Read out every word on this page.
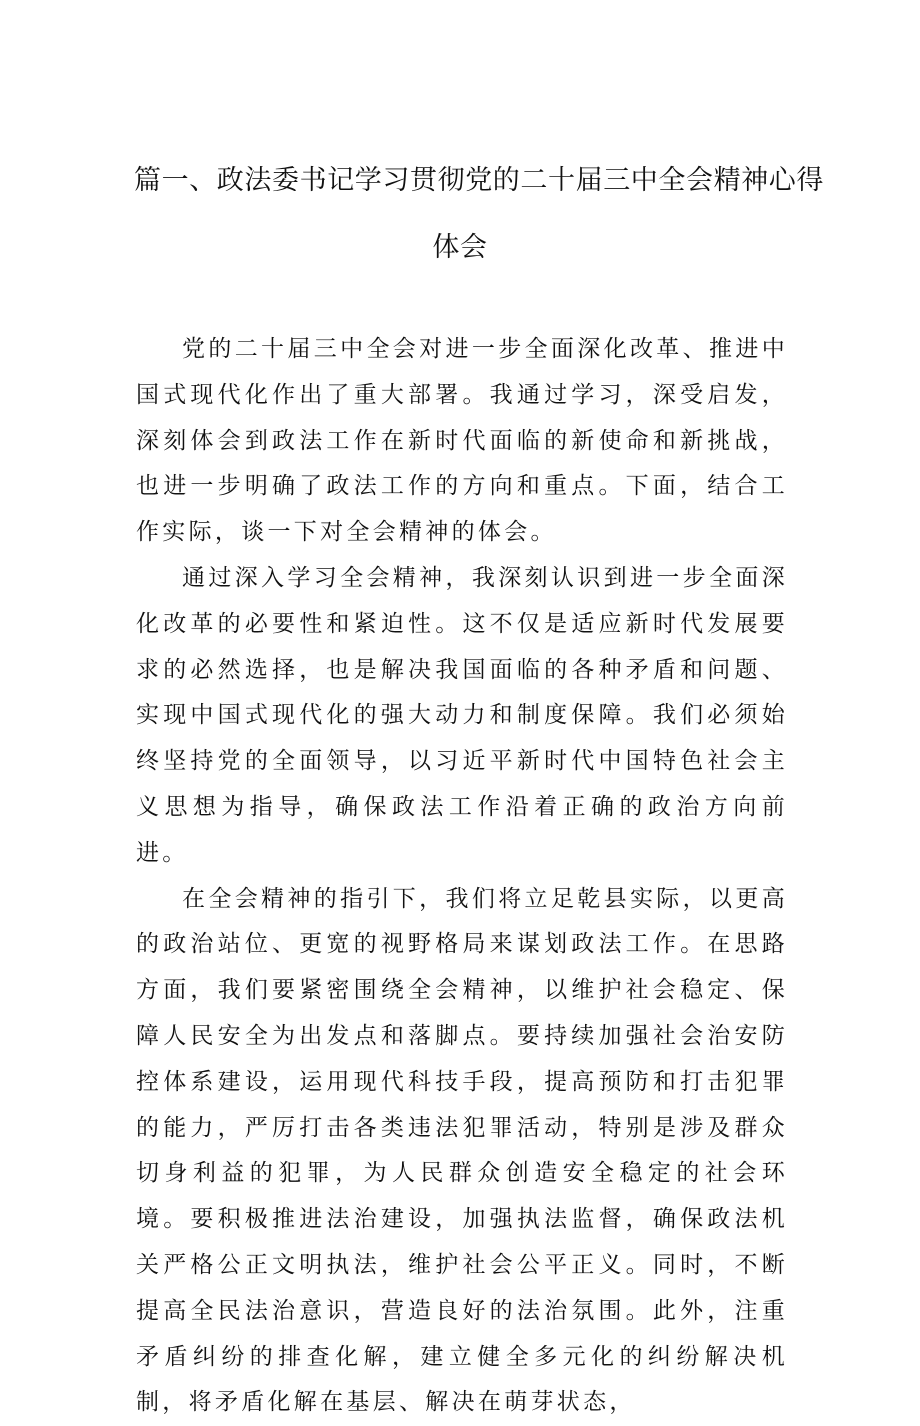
篇一、政法委书记学习贯彻党的二十届三中全会精神心得
体会

党的二十届三中全会对进一步全面深化改革、推进中国式现代化作出了重大部署。我通过学习，深受启发，深刻体会到政法工作在新时代面临的新使命和新挑战，也进一步明确了政法工作的方向和重点。下面，结合工作实际，谈一下对全会精神的体会。

通过深入学习全会精神，我深刻认识到进一步全面深化改革的必要性和紧迫性。这不仅是适应新时代发展要求的必然选择，也是解决我国面临的各种矛盾和问题、实现中国式现代化的强大动力和制度保障。我们必须始终坚持党的全面领导，以习近平新时代中国特色社会主义思想为指导，确保政法工作沿着正确的政治方向前进。

在全会精神的指引下，我们将立足乾县实际，以更高的政治站位、更宽的视野格局来谋划政法工作。在思路方面，我们要紧密围绕全会精神，以维护社会稳定、保障人民安全为出发点和落脚点。要持续加强社会治安防控体系建设，运用现代科技手段，提高预防和打击犯罪的能力，严厉打击各类违法犯罪活动，特别是涉及群众切身利益的犯罪，为人民群众创造安全稳定的社会环境。要积极推进法治建设，加强执法监督，确保政法机关严格公正文明执法，维护社会公平正义。同时，不断提高全民法治意识，营造良好的法治氛围。此外，注重矛盾纠纷的排查化解，建立健全多元化的纠纷解决机制，将矛盾化解在基层、解决在萌芽状态，
